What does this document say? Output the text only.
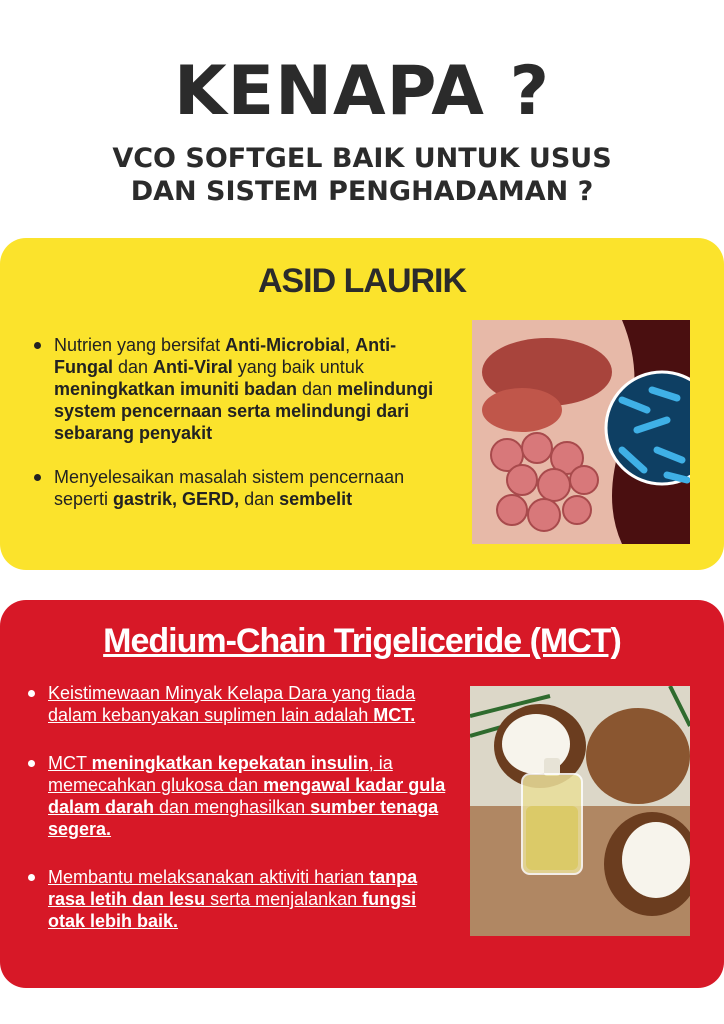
KENAPA ?
VCO SOFTGEL BAIK UNTUK USUS
DAN SISTEM PENGHADAMAN ?
ASID LAURIK
Nutrien yang bersifat Anti-Microbial, Anti-Fungal dan Anti-Viral yang baik untuk meningkatkan imuniti badan dan melindungi system pencernaan serta melindungi dari sebarang penyakit
Menyelesaikan masalah sistem pencernaan seperti gastrik, GERD, dan sembelit
Medium-Chain Trigeliceride (MCT)
Keistimewaan Minyak Kelapa Dara yang tiada dalam kebanyakan suplimen lain adalah MCT.
MCT meningkatkan kepekatan insulin, ia memecahkan glukosa dan mengawal kadar gula dalam darah dan menghasilkan sumber tenaga segera.
Membantu melaksanakan aktiviti harian tanpa rasa letih dan lesu serta menjalankan fungsi otak lebih baik.
